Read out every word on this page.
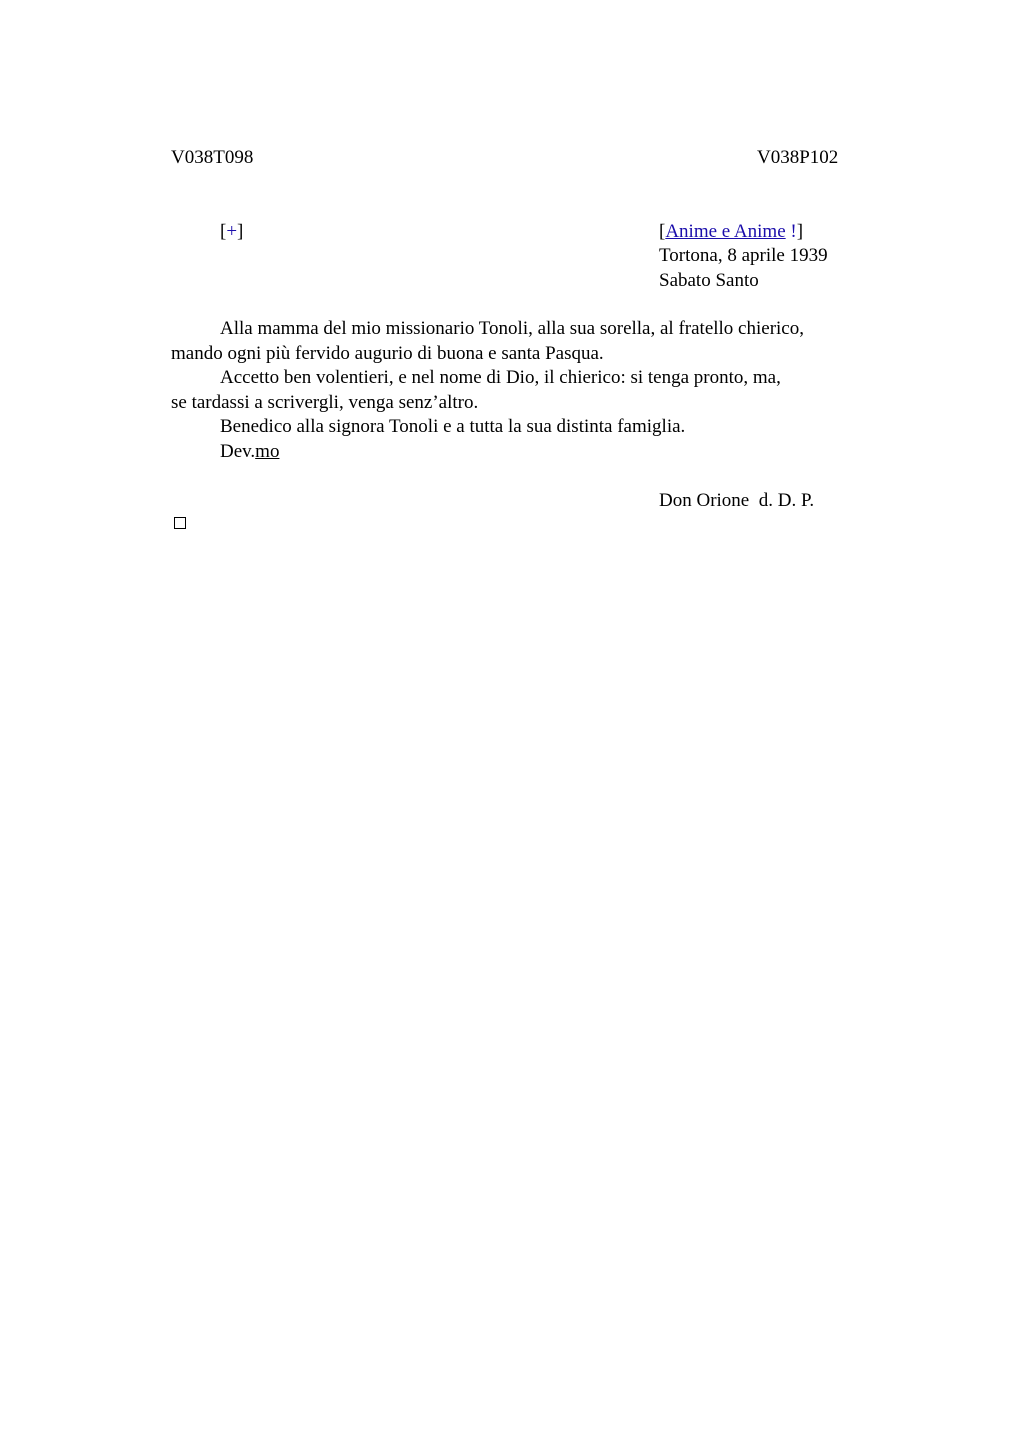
V038T098	V038P102
[+]	[Anime e Anime !]
Tortona, 8 aprile 1939
Sabato Santo
Alla mamma del mio missionario Tonoli, alla sua sorella, al fratello chierico,
mando ogni più fervido augurio di buona e santa Pasqua.
Accetto ben volentieri, e nel nome di Dio, il chierico: si tenga pronto, ma,
se tardassi a scrivergli, venga senz’altro.
Benedico alla signora Tonoli e a tutta la sua distinta famiglia.
Dev.mo
Don Orione  d. D. P.
